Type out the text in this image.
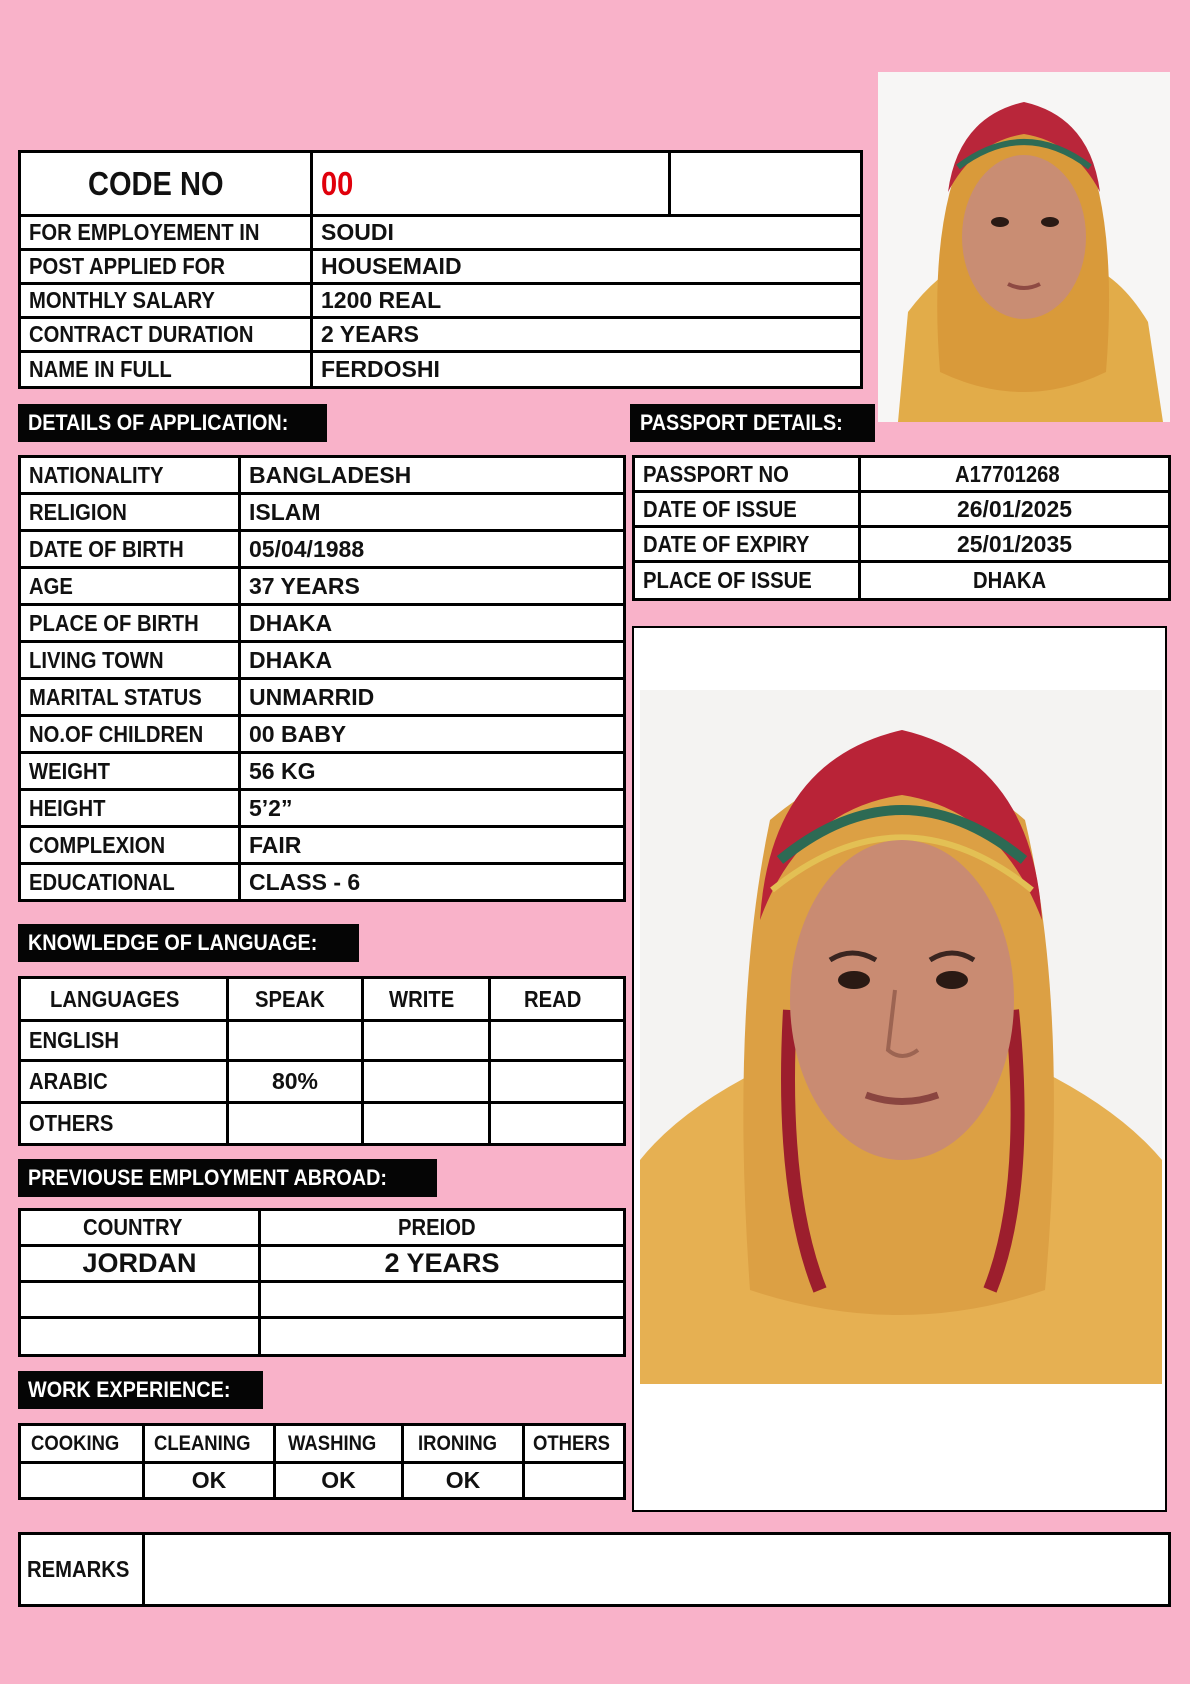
CODE NO	00	
FOR EMPLOYEMENT IN	SOUDI	
POST APPLIED FOR	HOUSEMAID	
MONTHLY SALARY	1200 REAL	
CONTRACT DURATION	2 YEARS	
NAME IN FULL	FERDOSHI	
DETAILS OF APPLICATION:
NATIONALITY	BANGLADESH
RELIGION	ISLAM
DATE OF BIRTH	05/04/1988
AGE	37 YEARS
PLACE OF BIRTH	DHAKA
LIVING TOWN	DHAKA
MARITAL STATUS	UNMARRID
NO.OF CHILDREN	00 BABY
WEIGHT	56 KG
HEIGHT	5’2”
COMPLEXION	FAIR
EDUCATIONAL	CLASS - 6
PASSPORT DETAILS:
PASSPORT NO	A17701268
DATE OF ISSUE	26/01/2025
DATE OF EXPIRY	25/01/2035
PLACE OF ISSUE	DHAKA
KNOWLEDGE OF LANGUAGE:
LANGUAGES	SPEAK	WRITE	READ
ENGLISH			
ARABIC	80%		
OTHERS			
PREVIOUSE EMPLOYMENT ABROAD:
COUNTRY	PREIOD
JORDAN	2 YEARS

WORK EXPERIENCE:
COOKING	CLEANING	WASHING	IRONING	OTHERS
	OK	OK	OK	
REMARKS	
